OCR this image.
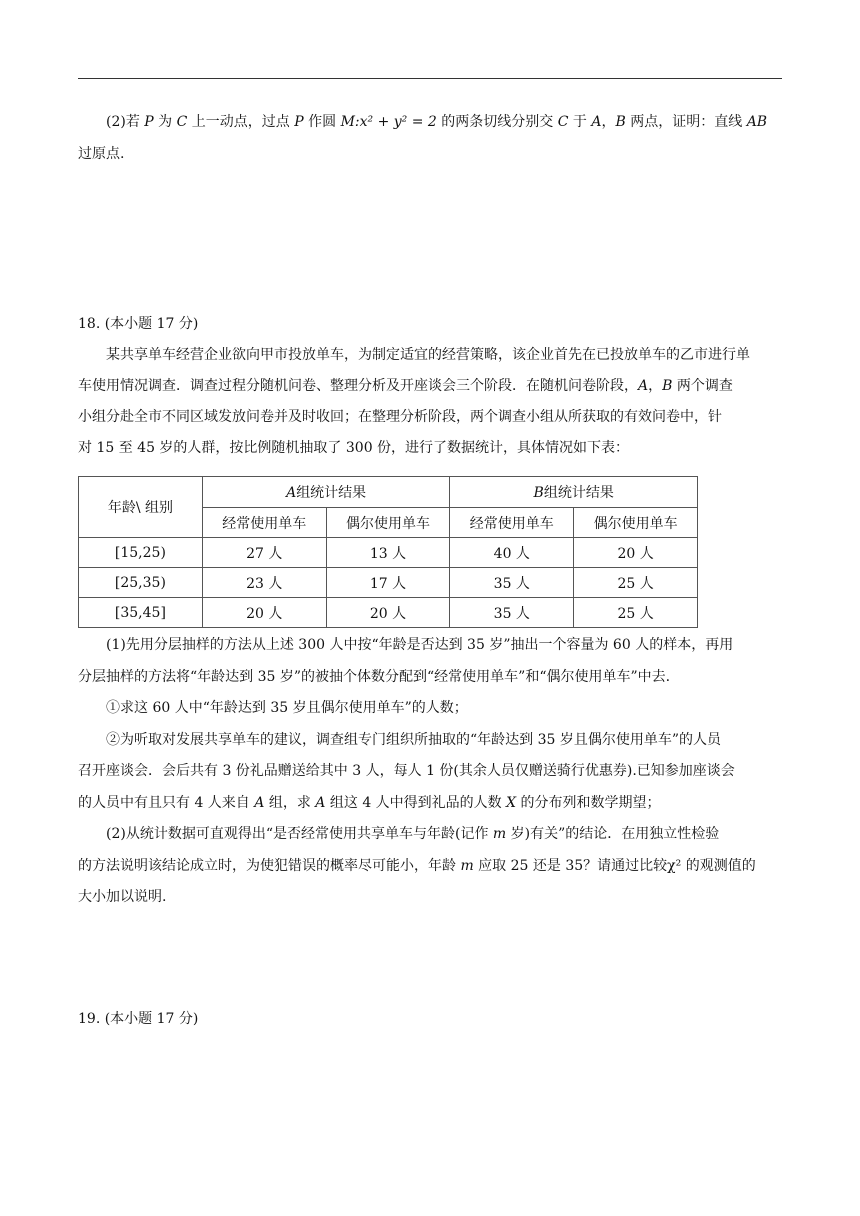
(2)若 P 为 C 上一动点，过点 P 作圆 M:x² + y² = 2 的两条切线分别交 C 于 A，B 两点，证明：直线 AB

过原点.

18. (本小题 17 分)

某共享单车经营企业欲向甲市投放单车，为制定适宜的经营策略，该企业首先在已投放单车的乙市进行单

车使用情况调查．调查过程分随机问卷、整理分析及开座谈会三个阶段．在随机问卷阶段，A，B 两个调查

小组分赴全市不同区域发放问卷并及时收回；在整理分析阶段，两个调查小组从所获取的有效问卷中，针

对 15 至 45 岁的人群，按比例随机抽取了 300 份，进行了数据统计，具体情况如下表：

年龄\ 组别	A组统计结果		B组统计结果	
	经常使用单车	偶尔使用单车	经常使用单车	偶尔使用单车
[15,25)	27 人	13 人	40 人	20 人
[25,35)	23 人	17 人	35 人	25 人
[35,45]	20 人	20 人	35 人	25 人

(1)先用分层抽样的方法从上述 300 人中按“年龄是否达到 35 岁”抽出一个容量为 60 人的样本，再用

分层抽样的方法将“年龄达到 35 岁”的被抽个体数分配到“经常使用单车”和“偶尔使用单车”中去.

①求这 60 人中“年龄达到 35 岁且偶尔使用单车”的人数；

②为听取对发展共享单车的建议，调查组专门组织所抽取的“年龄达到 35 岁且偶尔使用单车”的人员

召开座谈会．会后共有 3 份礼品赠送给其中 3 人，每人 1 份(其余人员仅赠送骑行优惠券).已知参加座谈会

的人员中有且只有 4 人来自 A 组，求 A 组这 4 人中得到礼品的人数 X 的分布列和数学期望；

(2)从统计数据可直观得出“是否经常使用共享单车与年龄(记作 m 岁)有关”的结论．在用独立性检验

的方法说明该结论成立时，为使犯错误的概率尽可能小，年龄 m 应取 25 还是 35？请通过比较χ² 的观测值的

大小加以说明.

19. (本小题 17 分)
